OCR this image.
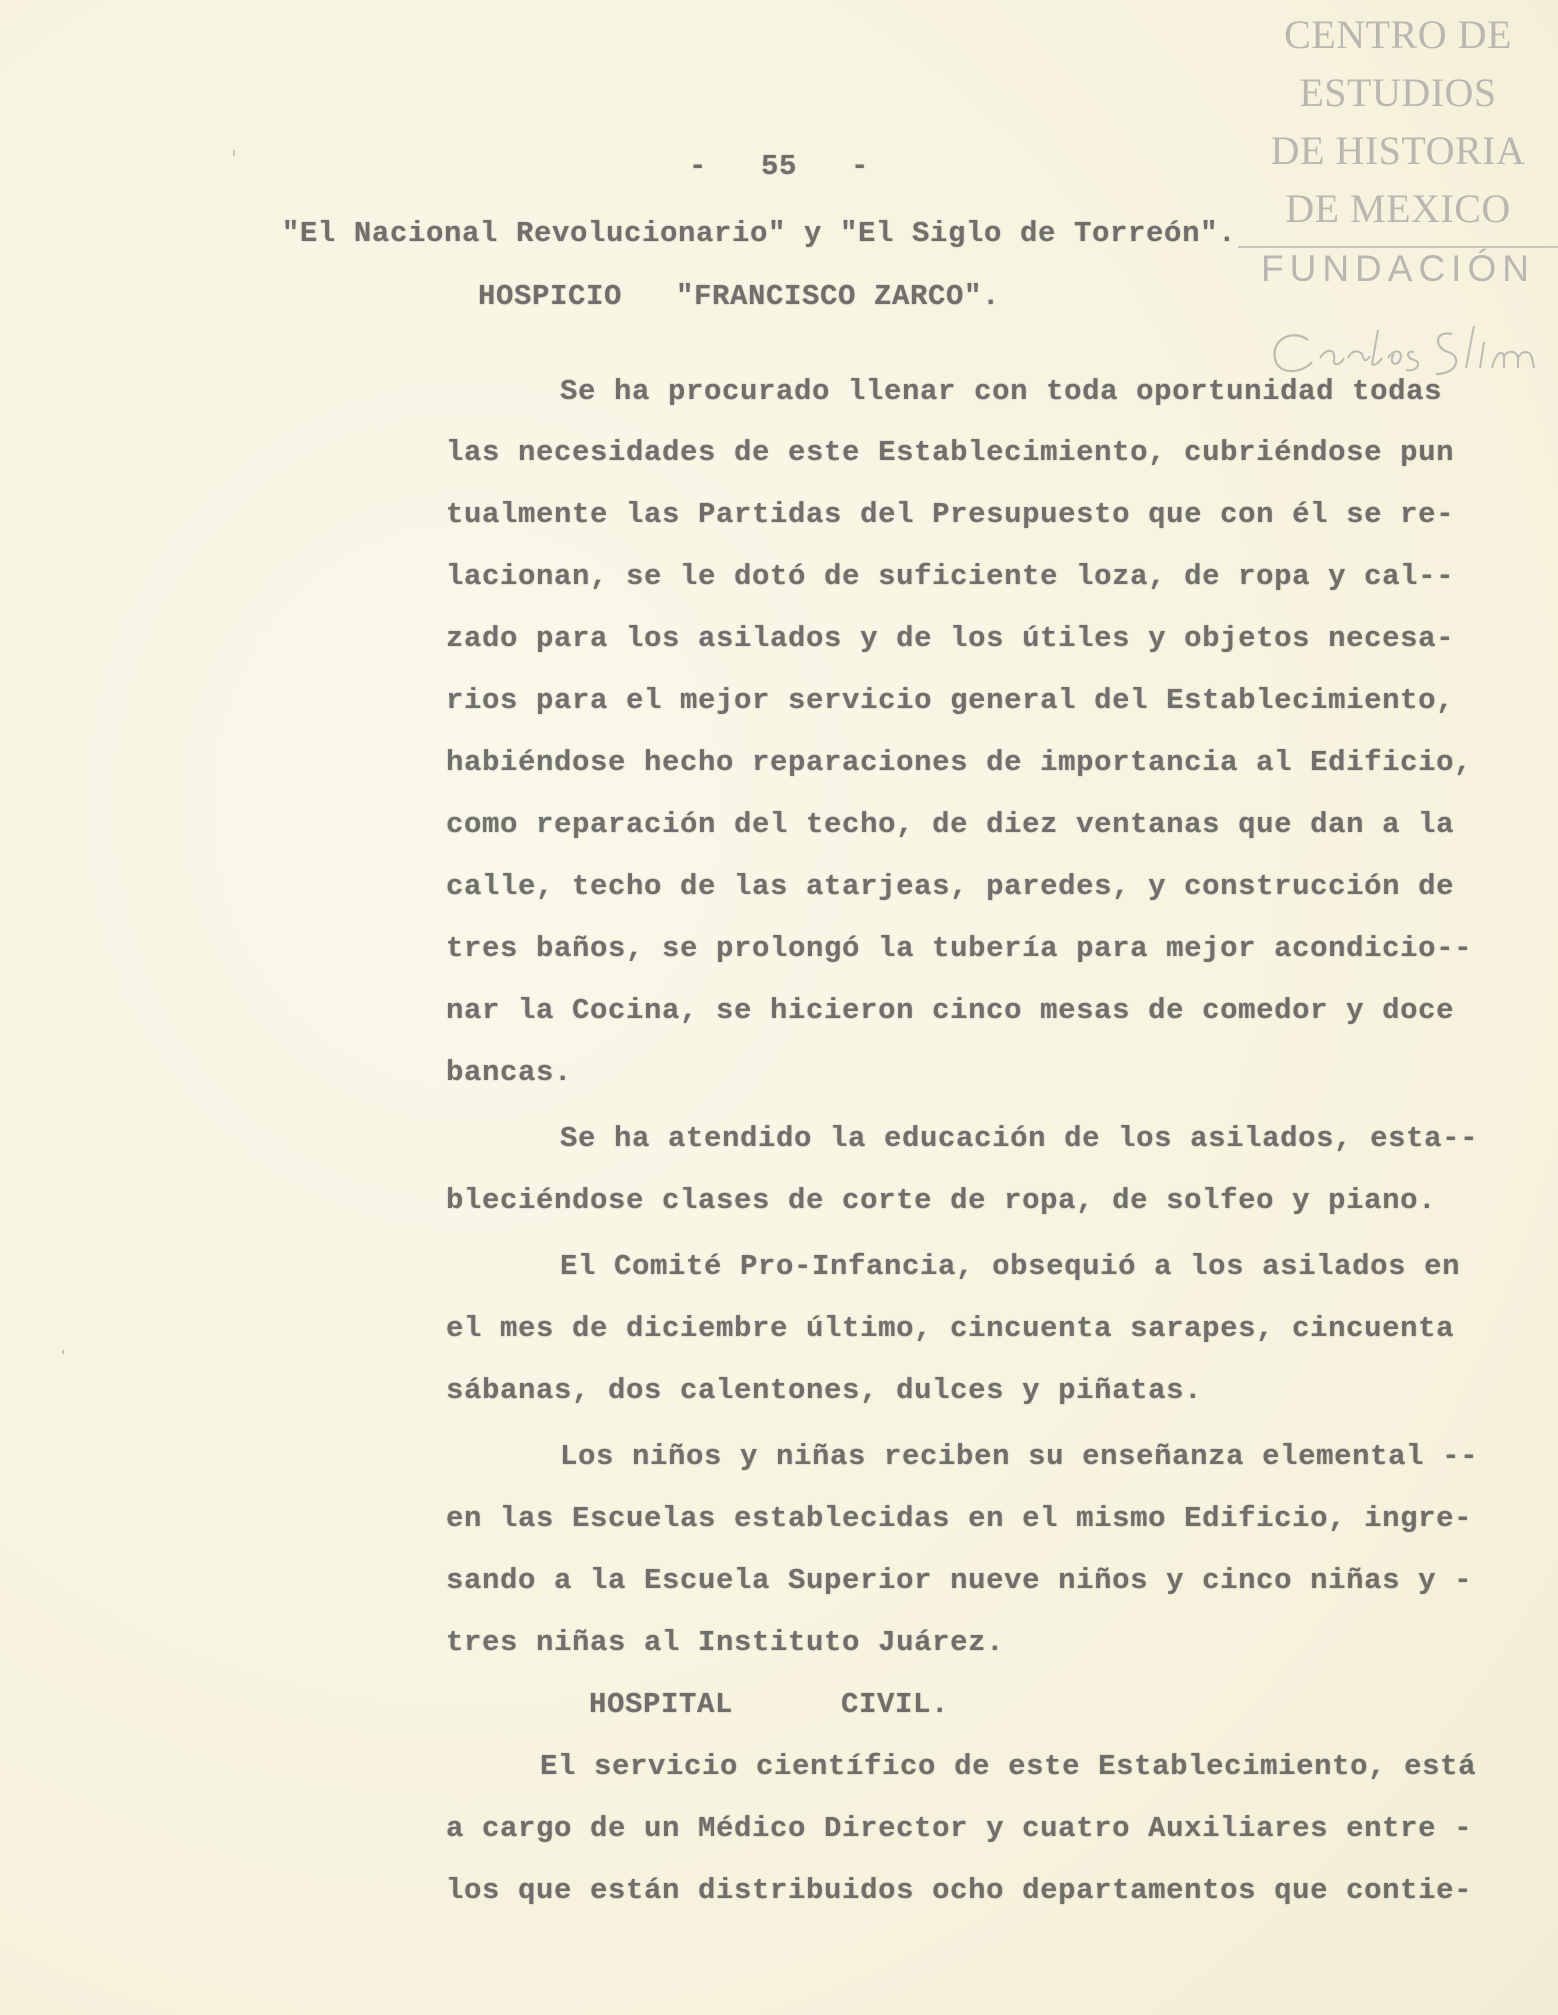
CENTRO DE
ESTUDIOS
DE HISTORIA
DE MEXICO
FUNDACIÓN
-   55   -
"El Nacional Revolucionario" y "El Siglo de Torreón".
HOSPICIO   "FRANCISCO ZARCO".
Se ha procurado llenar con toda oportunidad todas
las necesidades de este Establecimiento, cubriéndose pun
tualmente las Partidas del Presupuesto que con él se re-
lacionan, se le dotó de suficiente loza, de ropa y cal--
zado para los asilados y de los útiles y objetos necesa-
rios para el mejor servicio general del Establecimiento,
habiéndose hecho reparaciones de importancia al Edificio,
como reparación del techo, de diez ventanas que dan a la
calle, techo de las atarjeas, paredes, y construcción de
tres baños, se prolongó la tubería para mejor acondicio--
nar la Cocina, se hicieron cinco mesas de comedor y doce
bancas.
Se ha atendido la educación de los asilados, esta--
bleciéndose clases de corte de ropa, de solfeo y piano.
El Comité Pro-Infancia, obsequió a los asilados en
el mes de diciembre último, cincuenta sarapes, cincuenta
sábanas, dos calentones, dulces y piñatas.
Los niños y niñas reciben su enseñanza elemental --
en las Escuelas establecidas en el mismo Edificio, ingre-
sando a la Escuela Superior nueve niños y cinco niñas y -
tres niñas al Instituto Juárez.
HOSPITAL      CIVIL.
El servicio científico de este Establecimiento, está
a cargo de un Médico Director y cuatro Auxiliares entre -
los que están distribuidos ocho departamentos que contie-
